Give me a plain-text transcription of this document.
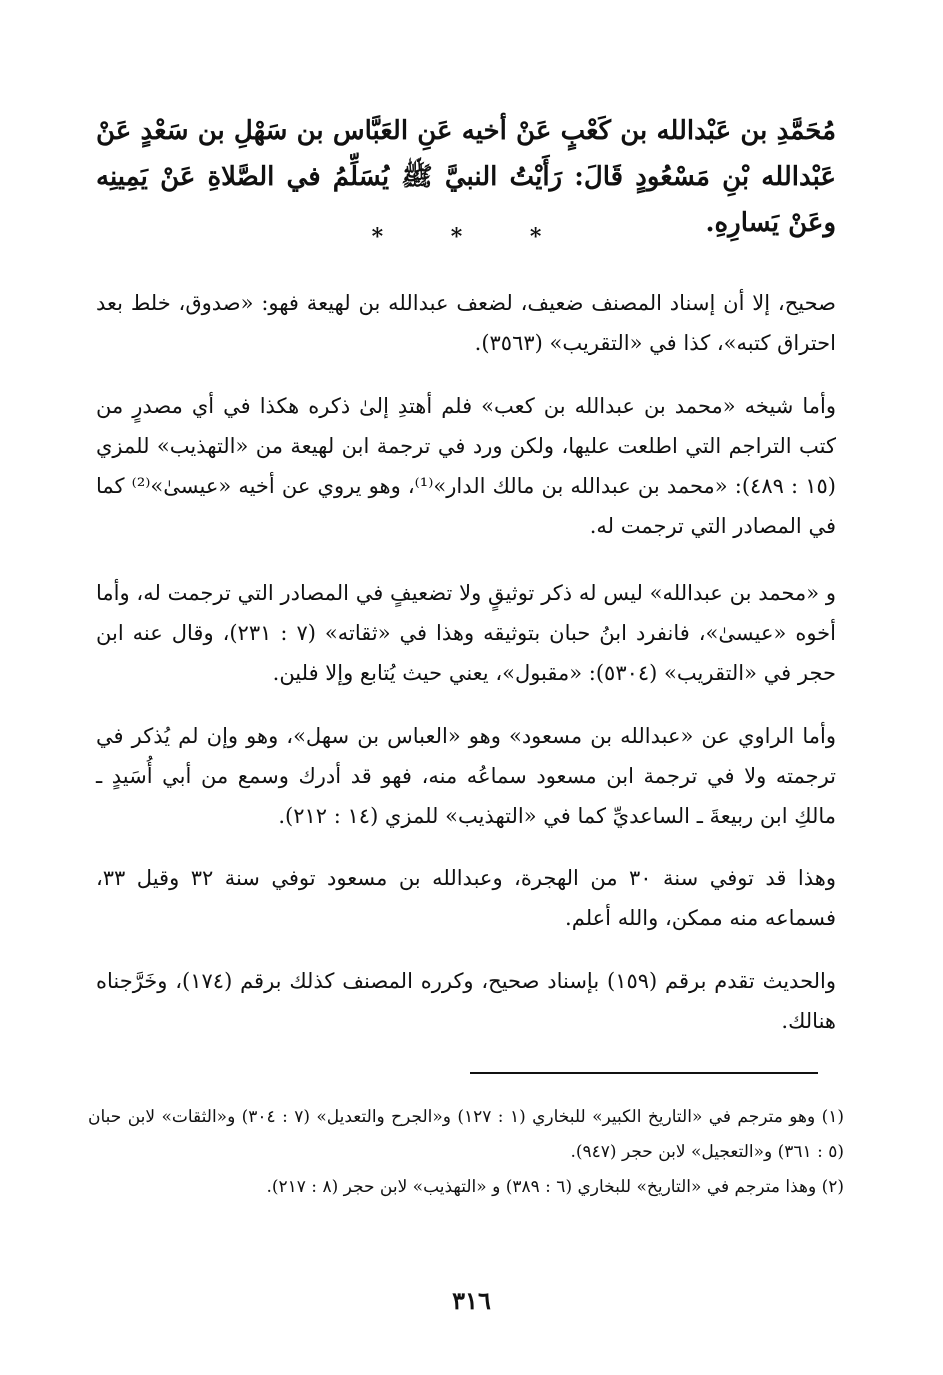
مُحَمَّدِ بن عَبْدالله بن كَعْبٍ عَنْ أخيه عَنِ العَبَّاس بن سَهْلِ بن سَعْدٍ عَنْ عَبْدالله بْنِ مَسْعُودٍ قَالَ: رَأَيْتُ النبيَّ ﷺ يُسَلِّمُ في الصَّلاةِ عَنْ يَمِينِه وعَنْ يَسارِهِ.
* * *
صحيح، إلا أن إسناد المصنف ضعيف، لضعف عبدالله بن لهيعة فهو: «صدوق، خلط بعد احتراق كتبه»، كذا في «التقريب» (٣٥٦٣).
وأما شيخه «محمد بن عبدالله بن كعب» فلم أهتدِ إلىٰ ذكره هكذا في أي مصدرٍ من كتب التراجم التي اطلعت عليها، ولكن ورد في ترجمة ابن لهيعة من «التهذيب» للمزي (١٥ : ٤٨٩): «محمد بن عبدالله بن مالك الدار»⁽¹⁾، وهو يروي عن أخيه «عيسىٰ»⁽²⁾ كما في المصادر التي ترجمت له.
و «محمد بن عبدالله» ليس له ذكر توثيقٍ ولا تضعيفٍ في المصادر التي ترجمت له، وأما أخوه «عيسىٰ»، فانفرد ابنُ حبان بتوثيقه وهذا في «ثقاته» (٧ : ٢٣١)، وقال عنه ابن حجر في «التقريب» (٥٣٠٤): «مقبول»، يعني حيث يُتابع وإلا فلين.
وأما الراوي عن «عبدالله بن مسعود» وهو «العباس بن سهل»، وهو وإن لم يُذكر في ترجمته ولا في ترجمة ابن مسعود سماعُه منه، فهو قد أدرك وسمع من أبي أُسَيدٍ ـ مالكِ ابن ربيعةَ ـ الساعديِّ كما في «التهذيب» للمزي (١٤ : ٢١٢).
وهذا قد توفي سنة ٣٠ من الهجرة، وعبدالله بن مسعود توفي سنة ٣٢ وقيل ٣٣، فسماعه منه ممكن، والله أعلم.
والحديث تقدم برقم (١٥٩) بإسناد صحيح، وكرره المصنف كذلك برقم (١٧٤)، وخَرَّجناه هنالك.

(١) وهو مترجم في «التاريخ الكبير» للبخاري (١ : ١٢٧) و«الجرح والتعديل» (٧ : ٣٠٤) و«الثقات» لابن حبان (٥ : ٣٦١) و«التعجيل» لابن حجر (٩٤٧).

(٢) وهذا مترجم في «التاريخ» للبخاري (٦ : ٣٨٩) و «التهذيب» لابن حجر (٨ : ٢١٧).

٣١٦
